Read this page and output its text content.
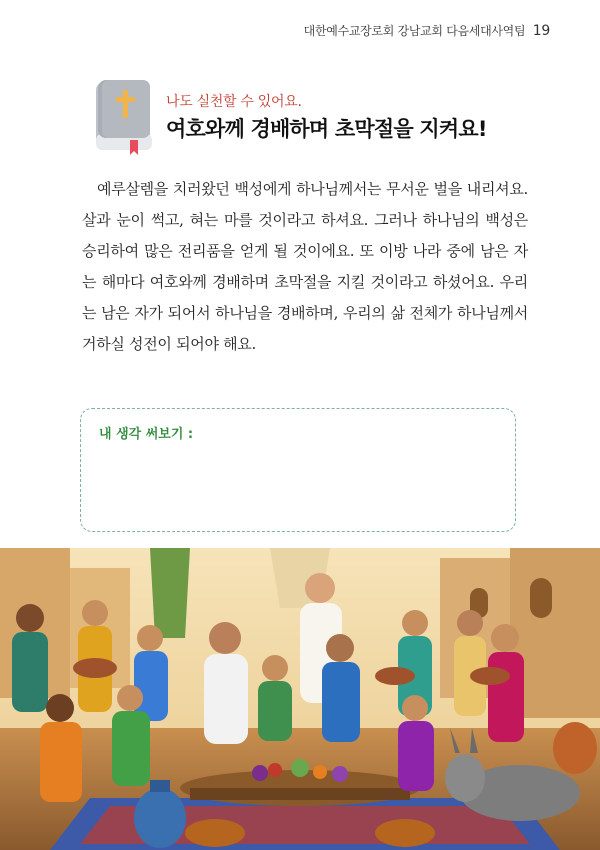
대한예수교장로회 강남교회 다음세대사역팀 19
나도 실천할 수 있어요.
여호와께 경배하며 초막절을 지켜요!

예루살렘을 치러왔던 백성에게 하나님께서는 무서운 벌을 내리셔요. 살과 눈이 썩고, 혀는 마를 것이라고 하셔요. 그러나 하나님의 백성은 승리하여 많은 전리품을 얻게 될 것이에요. 또 이방 나라 중에 남은 자는 해마다 여호와께 경배하며 초막절을 지킬 것이라고 하셨어요. 우리는 남은 자가 되어서 하나님을 경배하며, 우리의 삶 전체가 하나님께서 거하실 성전이 되어야 해요.

내 생각 써보기 :
